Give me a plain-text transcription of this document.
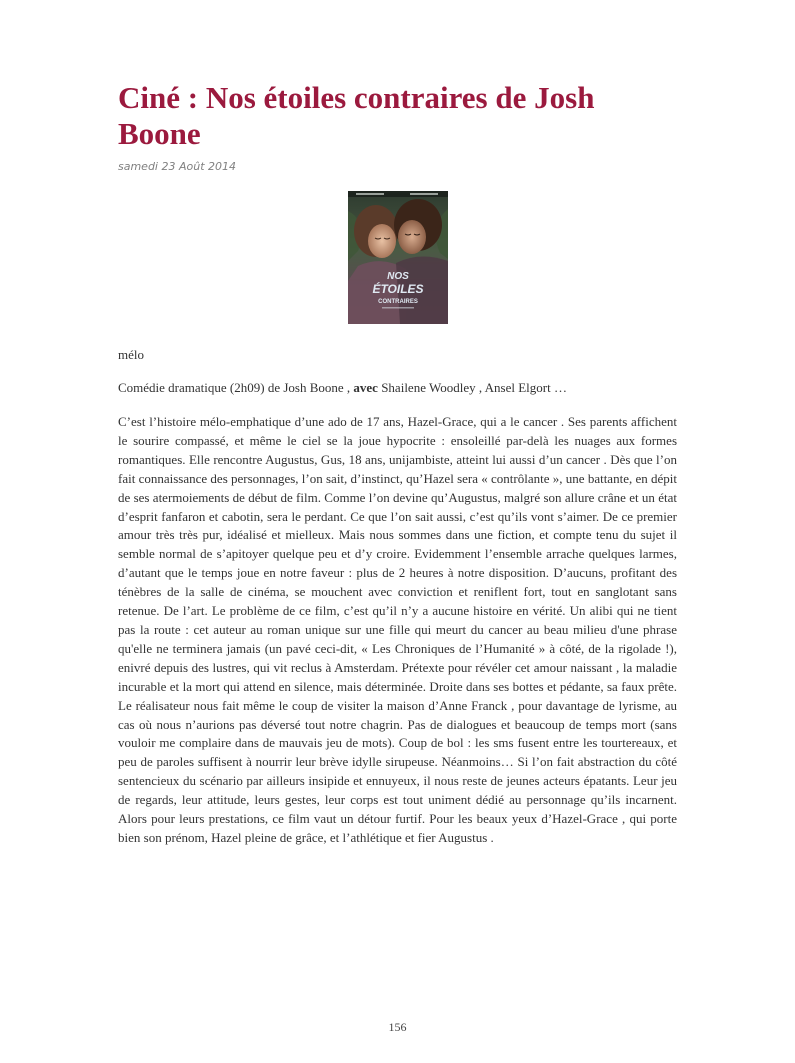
Ciné : Nos étoiles contraires de Josh Boone
samedi 23 Août 2014
NOS
ÉTOILES
CONTRAIRES
mélo
Comédie dramatique (2h09) de Josh Boone , avec Shailene Woodley , Ansel Elgort …

C’est l’histoire mélo-emphatique d’une ado de 17 ans, Hazel-Grace, qui a le cancer . Ses parents affichent le sourire compassé, et même le ciel se la joue hypocrite : ensoleillé par-delà les nuages aux formes romantiques. Elle rencontre Augustus, Gus, 18 ans, unijambiste, atteint lui aussi d’un cancer . Dès que l’on fait connaissance des personnages, l’on sait, d’instinct, qu’Hazel sera « contrôlante », une battante, en dépit de ses atermoiements de début de film. Comme l’on devine qu’Augustus, malgré son allure crâne et un état d’esprit fanfaron et cabotin, sera le perdant. Ce que l’on sait aussi, c’est qu’ils vont s’aimer. De ce premier amour très très pur, idéalisé et mielleux. Mais nous sommes dans une fiction, et compte tenu du sujet il semble normal de s’apitoyer quelque peu et d’y croire. Evidemment l’ensemble arrache quelques larmes, d’autant que le temps joue en notre faveur : plus de 2 heures à notre disposition. D’aucuns, profitant des ténèbres de la salle de cinéma, se mouchent avec conviction et reniflent fort, tout en sanglotant sans retenue. De l’art. Le problème de ce film, c’est qu’il n’y a aucune histoire en vérité. Un alibi qui ne tient pas la route : cet auteur au roman unique sur une fille qui meurt du cancer au beau milieu d'une phrase qu'elle ne terminera jamais (un pavé ceci-dit, « Les Chroniques de l’Humanité » à côté, de la rigolade !), enivré depuis des lustres, qui vit reclus à Amsterdam. Prétexte pour révéler cet amour naissant , la maladie incurable et la mort qui attend en silence, mais déterminée. Droite dans ses bottes et pédante, sa faux prête. Le réalisateur nous fait même le coup de visiter la maison d’Anne Franck , pour davantage de lyrisme, au cas où nous n’aurions pas déversé tout notre chagrin. Pas de dialogues et beaucoup de temps mort (sans vouloir me complaire dans de mauvais jeu de mots). Coup de bol : les sms fusent entre les tourtereaux, et peu de paroles suffisent à nourrir leur brève idylle sirupeuse. Néanmoins… Si l’on fait abstraction du côté sentencieux du scénario par ailleurs insipide et ennuyeux, il nous reste de jeunes acteurs épatants. Leur jeu de regards, leur attitude, leurs gestes, leur corps est tout uniment dédié au personnage qu’ils incarnent. Alors pour leurs prestations, ce film vaut un détour furtif. Pour les beaux yeux d’Hazel-Grace , qui porte bien son prénom, Hazel pleine de grâce, et l’athlétique et fier Augustus .

156
